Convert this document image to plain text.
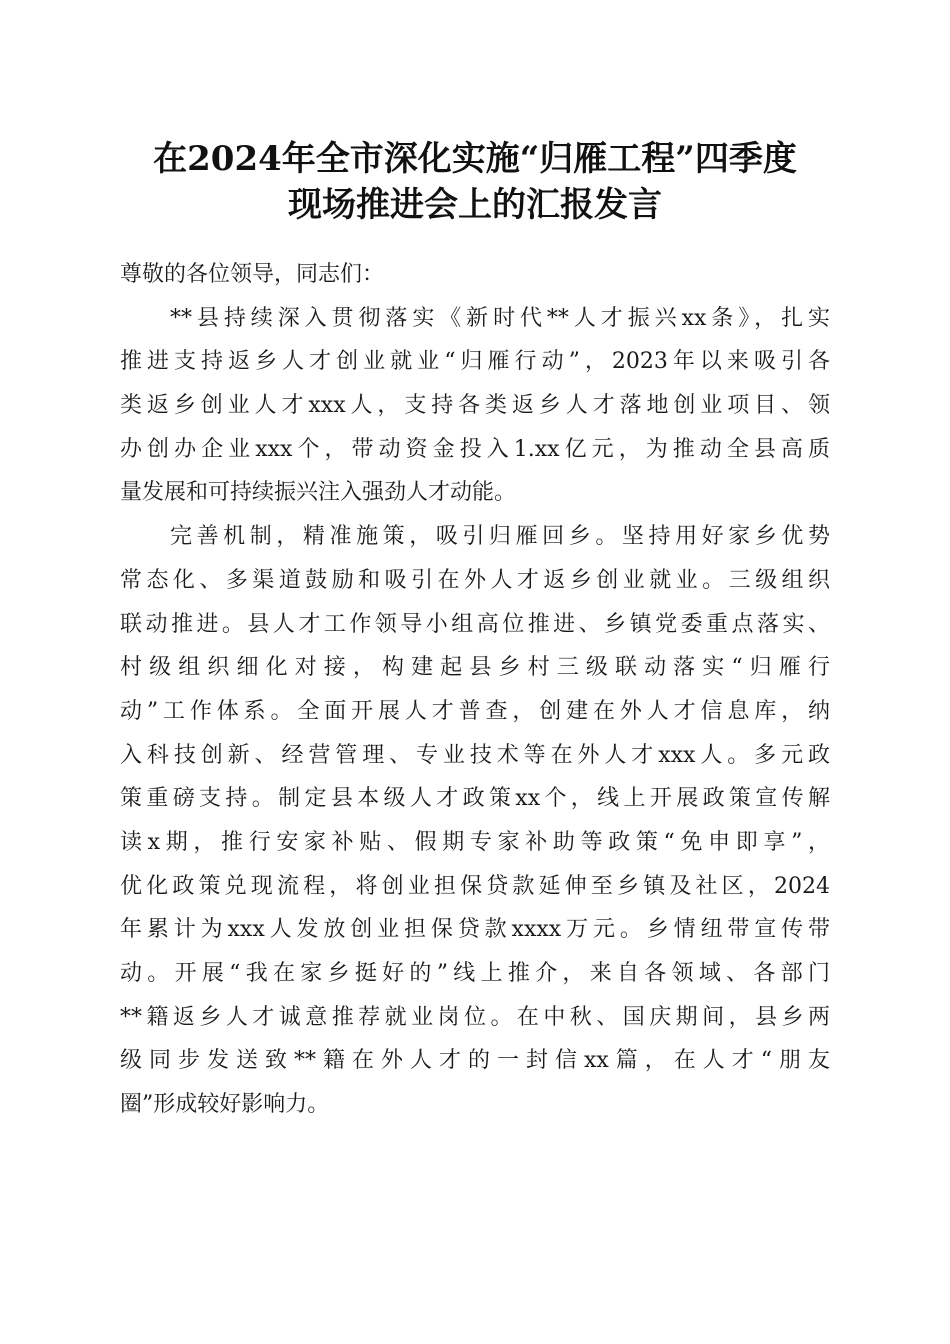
在2024年全市深化实施“归雁工程”四季度
现场推进会上的汇报发言
尊敬的各位领导，同志们：
**县持续深入贯彻落实《新时代**人才振兴xx条》，扎实
推进支持返乡人才创业就业“归雁行动”，2023年以来吸引各
类返乡创业人才xxx人，支持各类返乡人才落地创业项目、领
办创办企业xxx个，带动资金投入1.xx亿元，为推动全县高质
量发展和可持续振兴注入强劲人才动能。
完善机制，精准施策，吸引归雁回乡。坚持用好家乡优势
常态化、多渠道鼓励和吸引在外人才返乡创业就业。三级组织
联动推进。县人才工作领导小组高位推进、乡镇党委重点落实、
村级组织细化对接，构建起县乡村三级联动落实“归雁行
动”工作体系。全面开展人才普查，创建在外人才信息库，纳
入科技创新、经营管理、专业技术等在外人才xxx人。多元政
策重磅支持。制定县本级人才政策xx个，线上开展政策宣传解
读x期，推行安家补贴、假期专家补助等政策“免申即享”，
优化政策兑现流程，将创业担保贷款延伸至乡镇及社区，2024
年累计为xxx人发放创业担保贷款xxxx万元。乡情纽带宣传带
动。开展“我在家乡挺好的”线上推介，来自各领域、各部门
**籍返乡人才诚意推荐就业岗位。在中秋、国庆期间，县乡两
级同步发送致**籍在外人才的一封信xx篇，在人才“朋友
圈”形成较好影响力。
